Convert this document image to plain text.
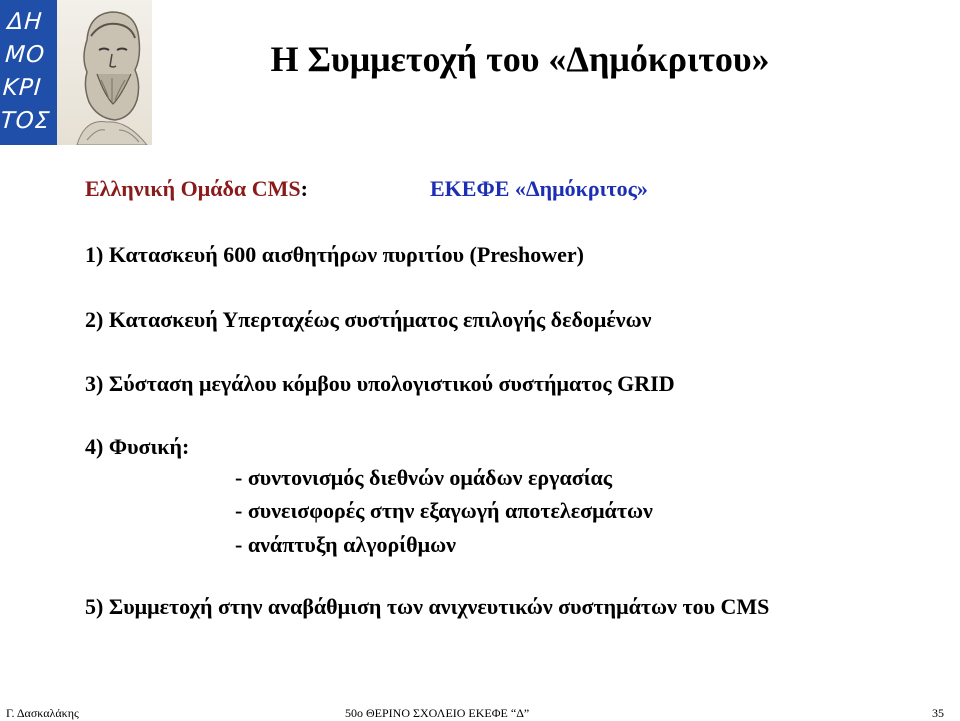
ΔΗ
ΜΟ
ΚΡΙ
ΤΟΣ
Η Συμμετοχή του «Δημόκριτου»
Ελληνική Ομάδα CMS:	ΕΚΕΦΕ «Δημόκριτος»
1) Κατασκευή 600 αισθητήρων πυριτίου (Preshower)
2) Κατασκευή Υπερταχέως συστήματος επιλογής δεδομένων
3) Σύσταση μεγάλου κόμβου υπολογιστικού συστήματος GRID
4) Φυσική:
- συντονισμός διεθνών ομάδων εργασίας
- συνεισφορές στην εξαγωγή αποτελεσμάτων
- ανάπτυξη αλγορίθμων
5) Συμμετοχή στην αναβάθμιση των ανιχνευτικών συστημάτων του CMS
Γ. Δασκαλάκης	50ο ΘΕΡΙΝΟ ΣΧΟΛΕΙΟ ΕΚΕΦΕ “Δ”	35
